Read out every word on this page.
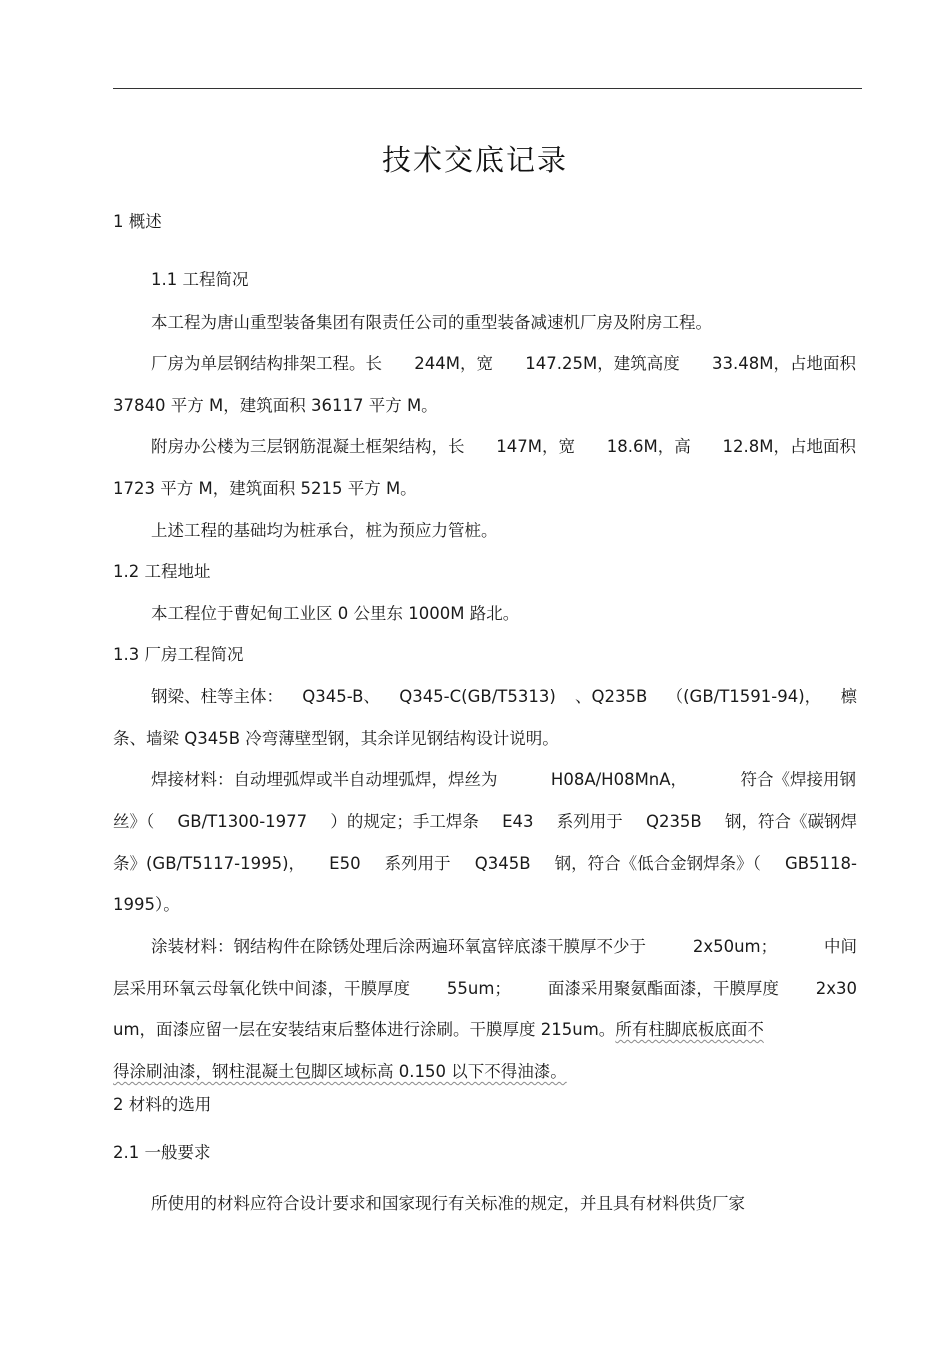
技术交底记录
1 概述
1.1 工程简况
本工程为唐山重型装备集团有限责任公司的重型装备减速机厂房及附房工程。
厂房为单层钢结构排架工程。长 244M，宽 147.25M，建筑高度 33.48M，占地面积
37840 平方 M，建筑面积 36117 平方 M。
附房办公楼为三层钢筋混凝土框架结构，长 147M，宽 18.6M，高 12.8M，占地面积
1723 平方 M，建筑面积 5215 平方 M。
上述工程的基础均为桩承台，桩为预应力管桩。
1.2 工程地址
本工程位于曹妃甸工业区 0 公里东 1000M 路北。
1.3 厂房工程简况
钢梁、柱等主体： Q345-B、 Q345-C(GB/T5313) 、Q235B （(GB/T1591-94)， 檩
条、墙梁 Q345B 冷弯薄壁型钢，其余详见钢结构设计说明。
焊接材料：自动埋弧焊或半自动埋弧焊，焊丝为	H08A/H08MnA，	符合《焊接用钢
丝》（ GB/T1300-1977 ）的规定；手工焊条 E43 系列用于 Q235B 钢，符合《碳钢焊
条》(GB/T5117-1995)， E50 系列用于 Q345B 钢，符合《低合金钢焊条》（ GB5118-
1995）。
涂装材料：钢结构件在除锈处理后涂两遍环氧富锌底漆干膜厚不少于	2x50um；	中间
层采用环氧云母氧化铁中间漆，干膜厚度 55um； 面漆采用聚氨酯面漆，干膜厚度 2x30
um，面漆应留一层在安装结束后整体进行涂刷。干膜厚度 215um。所有柱脚底板底面不
得涂刷油漆，钢柱混凝土包脚区域标高 0.150 以下不得油漆。
2 材料的选用
2.1 一般要求
所使用的材料应符合设计要求和国家现行有关标准的规定，并且具有材料供货厂家
